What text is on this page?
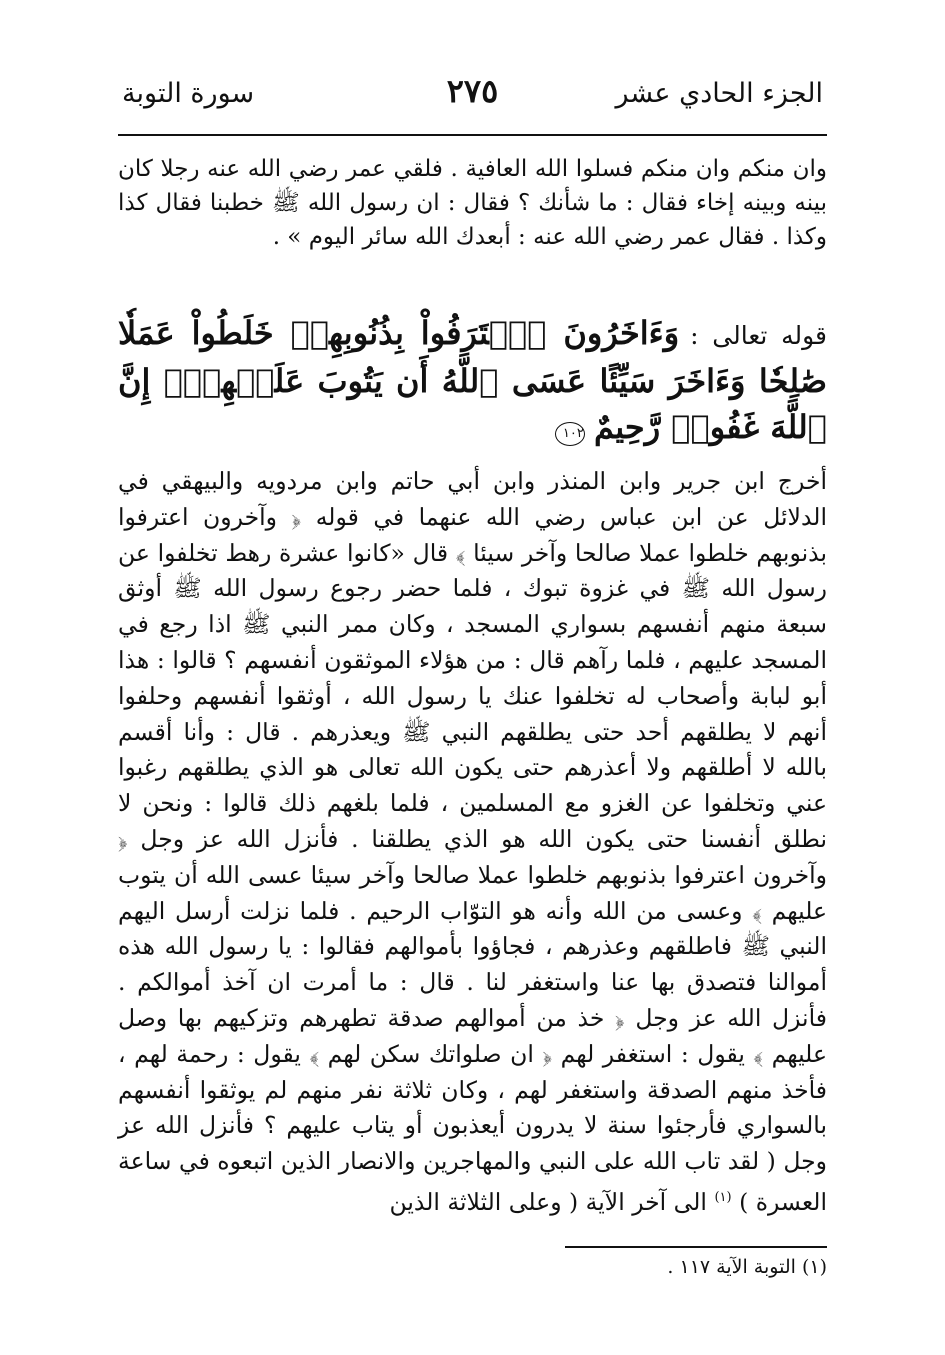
الجزء الحادي عشر
٢٧٥
سورة التوبة

وان منكم وان منكم فسلوا الله العافية . فلقي عمر رضي الله عنه رجلا كان بينه وبينه إخاء فقال : ما شأنك ؟ فقال : ان رسول الله ﷺ خطبنا فقال كذا وكذا . فقال عمر رضي الله عنه : أبعدك الله سائر اليوم » .

قوله تعالى : وَءَاخَرُونَ ٱعۡتَرَفُواْ بِذُنُوبِهِمۡ خَلَطُواْ عَمَلٗا صَٰلِحٗا وَءَاخَرَ سَيِّئًا عَسَى ٱللَّهُ أَن يَتُوبَ عَلَيۡهِمۡۚ إِنَّ ٱللَّهَ غَفُورٞ رَّحِيمٌ ١٠٢

أخرج ابن جرير وابن المنذر وابن أبي حاتم وابن مردويه والبيهقي في الدلائل عن ابن عباس رضي الله عنهما في قوله ﴿ وآخرون اعترفوا بذنوبهم خلطوا عملا صالحا وآخر سيئا ﴾ قال «كانوا عشرة رهط تخلفوا عن رسول الله ﷺ في غزوة تبوك ، فلما حضر رجوع رسول الله ﷺ أوثق سبعة منهم أنفسهم بسواري المسجد ، وكان ممر النبي ﷺ اذا رجع في المسجد عليهم ، فلما رآهم قال : من هؤلاء الموثقون أنفسهم ؟ قالوا : هذا أبو لبابة وأصحاب له تخلفوا عنك يا رسول الله ، أوثقوا أنفسهم وحلفوا أنهم لا يطلقهم أحد حتى يطلقهم النبي ﷺ ويعذرهم . قال : وأنا أقسم بالله لا أطلقهم ولا أعذرهم حتى يكون الله تعالى هو الذي يطلقهم رغبوا عني وتخلفوا عن الغزو مع المسلمين ، فلما بلغهم ذلك قالوا : ونحن لا نطلق أنفسنا حتى يكون الله هو الذي يطلقنا . فأنزل الله عز وجل ﴿ وآخرون اعترفوا بذنوبهم خلطوا عملا صالحا وآخر سيئا عسى الله أن يتوب عليهم ﴾ وعسى من الله وأنه هو التوّاب الرحيم . فلما نزلت أرسل اليهم النبي ﷺ فاطلقهم وعذرهم ، فجاؤوا بأموالهم فقالوا : يا رسول الله هذه أموالنا فتصدق بها عنا واستغفر لنا . قال : ما أمرت ان آخذ أموالكم . فأنزل الله عز وجل ﴿ خذ من أموالهم صدقة تطهرهم وتزكيهم بها وصل عليهم ﴾ يقول : استغفر لهم ﴿ ان صلواتك سكن لهم ﴾ يقول : رحمة لهم ، فأخذ منهم الصدقة واستغفر لهم ، وكان ثلاثة نفر منهم لم يوثقوا أنفسهم بالسواري فأرجئوا سنة لا يدرون أيعذبون أو يتاب عليهم ؟ فأنزل الله عز وجل ( لقد تاب الله على النبي والمهاجرين والانصار الذين اتبعوه في ساعة العسرة ) $^{(١)}$ الى آخر الآية ( وعلى الثلاثة الذين

(١) التوبة الآية ١١٧ .
